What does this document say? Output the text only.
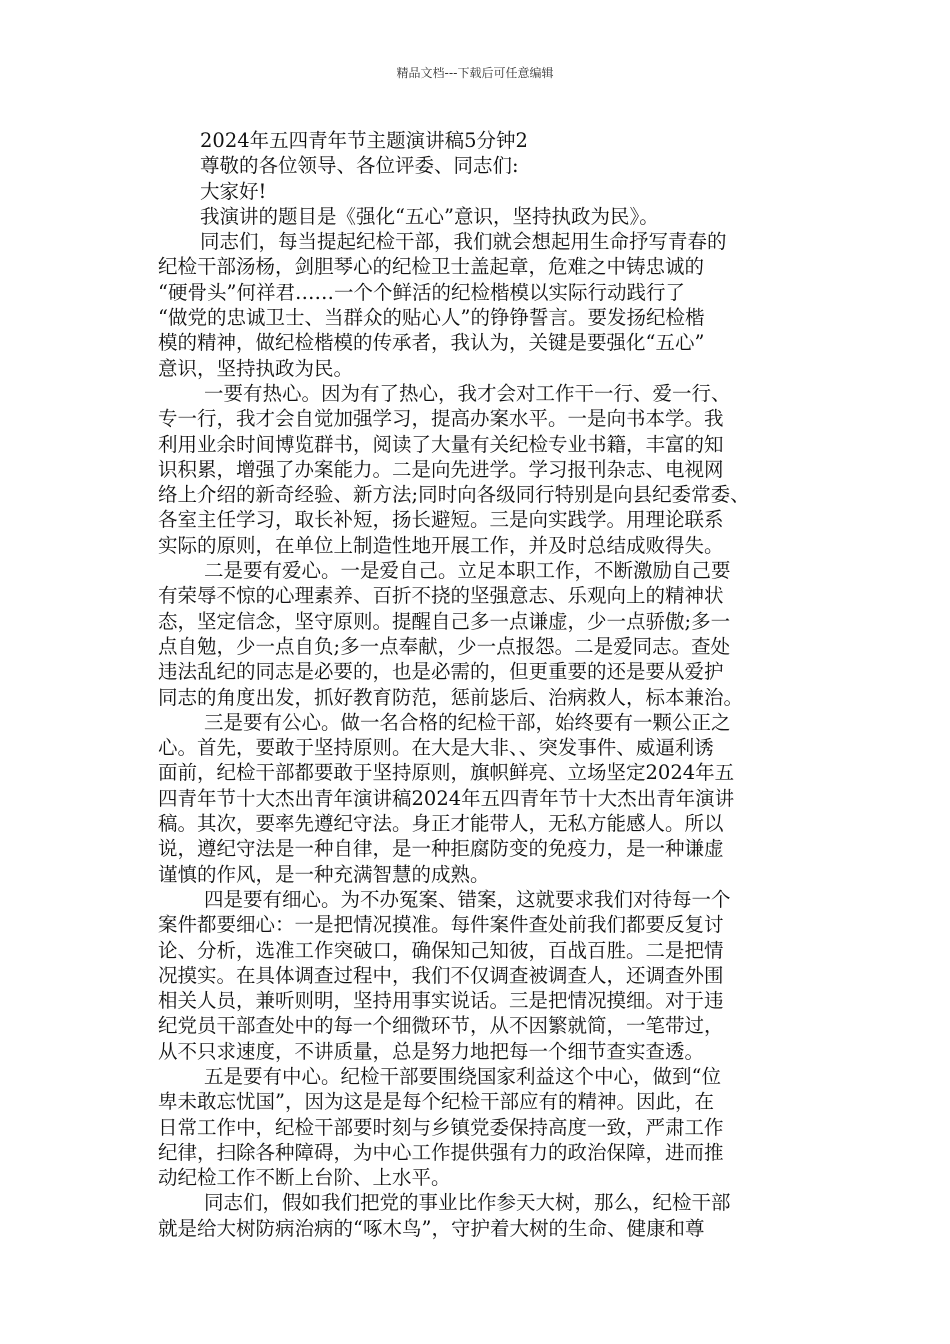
精品文档---下载后可任意编辑
2024年五四青年节主题演讲稿5分钟2
尊敬的各位领导、各位评委、同志们:
大家好!
我演讲的题目是《强化“五心”意识，坚持执政为民》。
同志们，每当提起纪检干部，我们就会想起用生命抒写青春的
纪检干部汤杨，剑胆琴心的纪检卫士盖起章，危难之中铸忠诚的
“硬骨头”何祥君……一个个鲜活的纪检楷模以实际行动践行了
“做党的忠诚卫士、当群众的贴心人”的铮铮誓言。要发扬纪检楷
模的精神，做纪检楷模的传承者，我认为，关键是要强化“五心”
意识，坚持执政为民。
一要有热心。因为有了热心，我才会对工作干一行、爱一行、
专一行，我才会自觉加强学习，提高办案水平。一是向书本学。我
利用业余时间博览群书，阅读了大量有关纪检专业书籍，丰富的知
识积累，增强了办案能力。二是向先进学。学习报刊杂志、电视网
络上介绍的新奇经验、新方法;同时向各级同行特别是向县纪委常委、
各室主任学习，取长补短，扬长避短。三是向实践学。用理论联系
实际的原则，在单位上制造性地开展工作，并及时总结成败得失。
二是要有爱心。一是爱自己。立足本职工作，不断激励自己要
有荣辱不惊的心理素养、百折不挠的坚强意志、乐观向上的精神状
态，坚定信念，坚守原则。提醒自己多一点谦虚，少一点骄傲;多一
点自勉，少一点自负;多一点奉献，少一点报怨。二是爱同志。查处
违法乱纪的同志是必要的，也是必需的，但更重要的还是要从爱护
同志的角度出发，抓好教育防范，惩前毖后、治病救人，标本兼治。
三是要有公心。做一名合格的纪检干部，始终要有一颗公正之
心。首先，要敢于坚持原则。在大是大非、、突发事件、威逼利诱
面前，纪检干部都要敢于坚持原则，旗帜鲜亮、立场坚定2024年五
四青年节十大杰出青年演讲稿2024年五四青年节十大杰出青年演讲
稿。其次，要率先遵纪守法。身正才能带人，无私方能感人。所以
说，遵纪守法是一种自律，是一种拒腐防变的免疫力，是一种谦虚
谨慎的作风，是一种充满智慧的成熟。
四是要有细心。为不办冤案、错案，这就要求我们对待每一个
案件都要细心：一是把情况摸准。每件案件查处前我们都要反复讨
论、分析，选准工作突破口，确保知己知彼，百战百胜。二是把情
况摸实。在具体调查过程中，我们不仅调查被调查人，还调查外围
相关人员，兼听则明，坚持用事实说话。三是把情况摸细。对于违
纪党员干部查处中的每一个细微环节，从不因繁就简，一笔带过，
从不只求速度，不讲质量，总是努力地把每一个细节查实查透。
五是要有中心。纪检干部要围绕国家利益这个中心，做到“位
卑未敢忘忧国”，因为这是是每个纪检干部应有的精神。因此，在
日常工作中，纪检干部要时刻与乡镇党委保持高度一致，严肃工作
纪律，扫除各种障碍，为中心工作提供强有力的政治保障，进而推
动纪检工作不断上台阶、上水平。
同志们，假如我们把党的事业比作参天大树，那么，纪检干部
就是给大树防病治病的“啄木鸟”，守护着大树的生命、健康和尊
